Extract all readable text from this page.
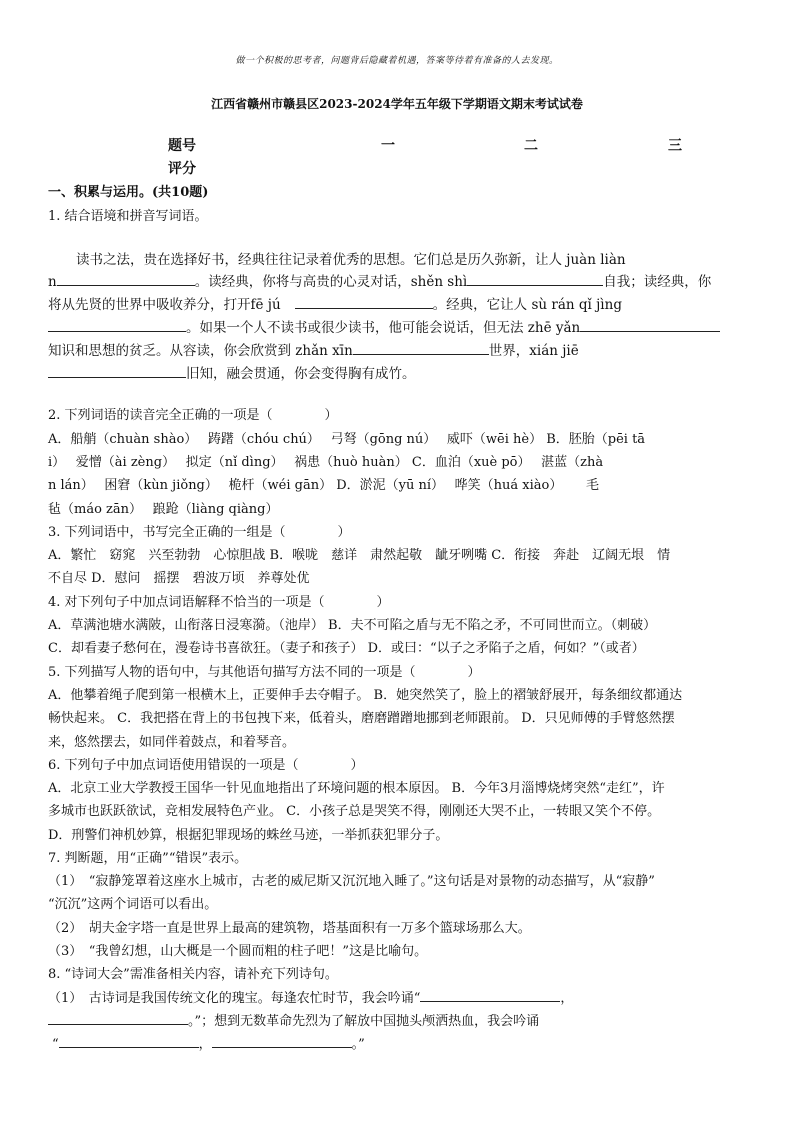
做一个积极的思考者，问题背后隐藏着机遇，答案等待着有准备的人去发现。
江西省赣州市赣县区2023-2024学年五年级下学期语文期末考试试卷
题号	一	二	三
评分
一、积累与运用。(共10题)
1. 结合语境和拼音写词语。
读书之法，贵在选择好书，经典往往记录着优秀的思想。它们总是历久弥新，让人 juàn liàn
n	。读经典，你将与高贵的心灵对话，shěn shì	自我；读经典，你
将从先贤的世界中吸收养分，打开fē jú	。经典，它让人 sù rán qǐ jìng
。如果一个人不读书或很少读书，他可能会说话，但无法 zhē yǎn
知识和思想的贫乏。从容读，你会欣赏到 zhǎn xīn	世界，xián jiē
旧知，融会贯通，你会变得胸有成竹。
2. 下列词语的读音完全正确的一项是（　　　　）
A．船艄（chuàn shào）　 踌躇（chóu chú）　 弓弩（gōng nú）　 威吓（wēi hè） B．胚胎（pēi tā
i）　 爱憎（ài zèng）　 拟定（nǐ dìng）　 祸患（huò huàn） C．血泊（xuè pō）　 湛蓝（zhà
n lán）　 困窘（kùn jiǒng）　 桅杆（wéi gān） D．淤泥（yū ní）　 哗笑（huá xiào）　　 毛
毡（máo zān）　 踉跄（liàng qiàng）
3. 下列词语中，书写完全正确的一组是（　　　　）
A．繁忙　窈窕　兴至勃勃　心惊胆战 B．喉咙　慈详　肃然起敬　龇牙咧嘴 C．衔接　奔赴　辽阔无垠　情
不自尽 D．慰问　摇摆　碧波万顷　养尊处优
4. 对下列句子中加点词语解释不恰当的一项是（　　　　）
A．草满池塘水满陂，山衔落日浸寒漪。（池岸） B．夫不可陷之盾与无不陷之矛，不可同世而立。（刺破）
C．却看妻子愁何在，漫卷诗书喜欲狂。（妻子和孩子） D．或曰：“以子之矛陷子之盾，何如？”（或者）
5. 下列描写人物的语句中，与其他语句描写方法不同的一项是（　　　　）
A．他攀着绳子爬到第一根横木上，正要伸手去夺帽子。 B．她突然笑了，脸上的褶皱舒展开，每条细纹都通达
畅快起来。 C．我把搭在背上的书包拽下来，低着头，磨磨蹭蹭地挪到老师跟前。 D．只见师傅的手臂悠然摆
来，悠然摆去，如同伴着鼓点，和着琴音。
6. 下列句子中加点词语使用错误的一项是（　　　　）
A．北京工业大学教授王国华一针见血地指出了环境问题的根本原因。 B．今年3月淄博烧烤突然“走红”，许
多城市也跃跃欲试，竞相发展特色产业。 C．小孩子总是哭笑不得，刚刚还大哭不止，一转眼又笑个不停。
D．刑警们神机妙算，根据犯罪现场的蛛丝马迹，一举抓获犯罪分子。
7. 判断题，用“正确”“错误”表示。
（1）　“寂静笼罩着这座水上城市，古老的威尼斯又沉沉地入睡了。”这句话是对景物的动态描写，从“寂静”
“沉沉”这两个词语可以看出。
（2）　胡夫金字塔一直是世界上最高的建筑物，塔基面积有一万多个篮球场那么大。
（3）　“我曾幻想，山大概是一个圆而粗的柱子吧！”这是比喻句。
8. “诗词大会”需准备相关内容，请补充下列诗句。
（1）　古诗词是我国传统文化的瑰宝。每逢农忙时节，我会吟诵“	，
。”；想到无数革命先烈为了解放中国抛头颅洒热血，我会吟诵
“	，	。”
